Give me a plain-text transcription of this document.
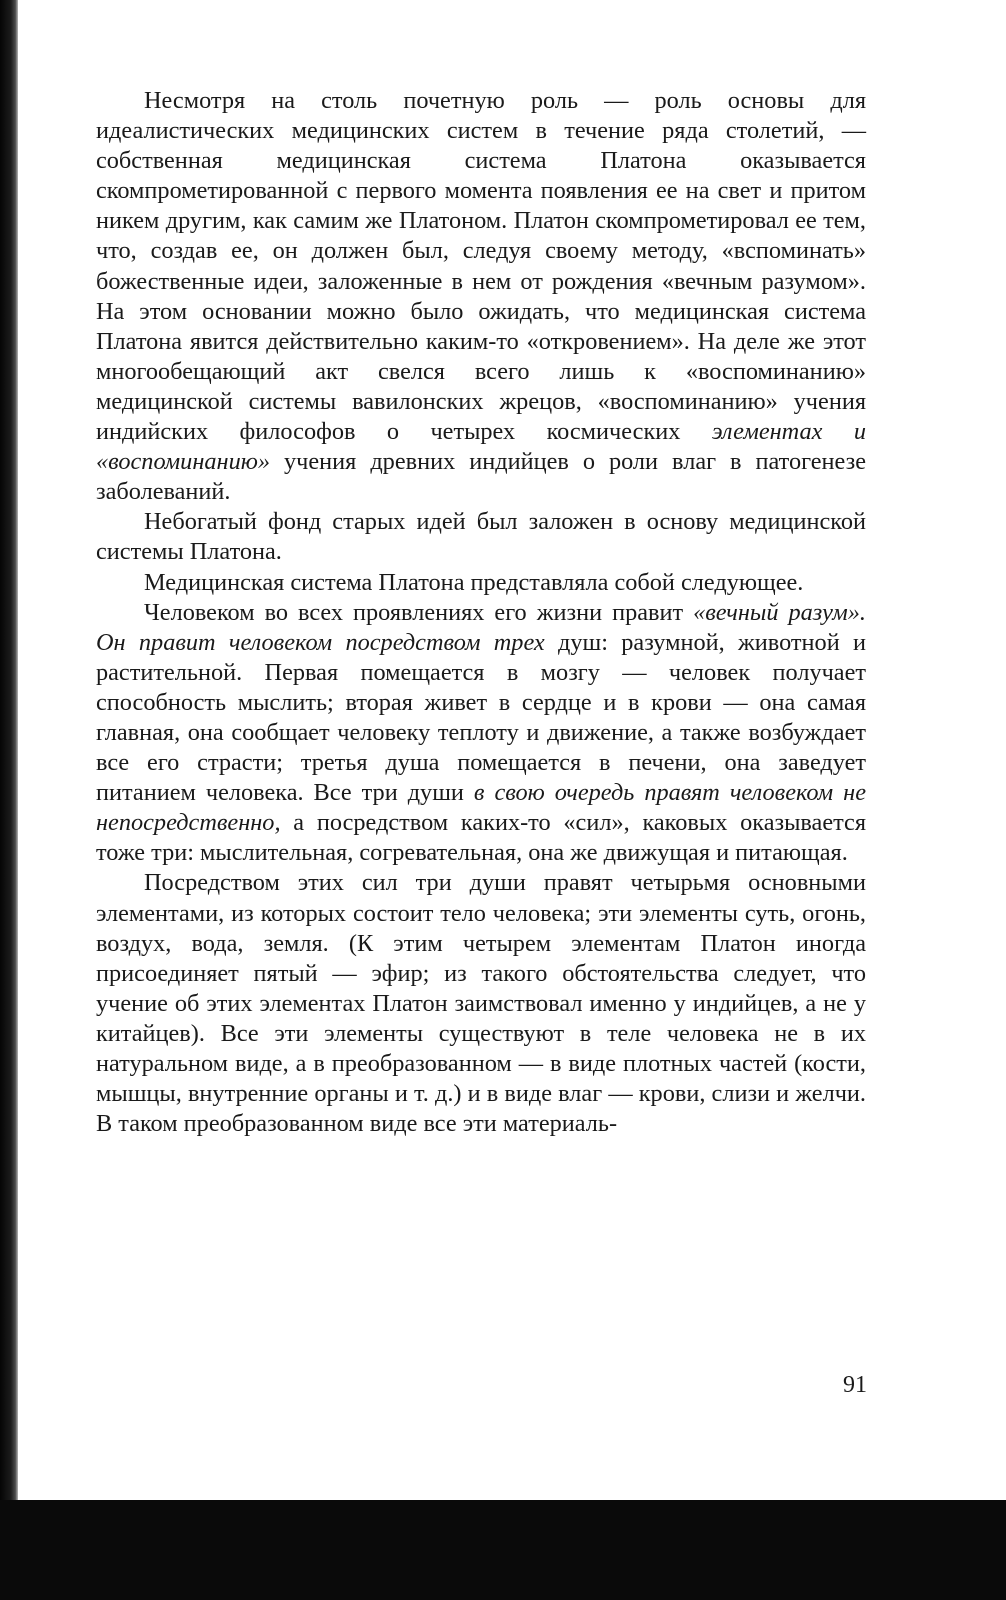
Несмотря на столь почетную роль — роль основы для идеалистических медицинских систем в течение ряда столетий, — собственная медицинская система Платона оказывается скомпрометированной с первого момента появления ее на свет и притом никем другим, как самим же Платоном. Платон скомпрометировал ее тем, что, создав ее, он должен был, следуя своему методу, «вспоминать» божественные идеи, заложенные в нем от рождения «вечным разумом». На этом основании можно было ожидать, что медицинская система Платона явится действительно каким-то «откровением». На деле же этот многообещающий акт свелся всего лишь к «воспоминанию» медицинской системы вавилонских жрецов, «воспоминанию» учения индийских философов о четырех космических элементах и «воспоминанию» учения древних индийцев о роли влаг в патогенезе заболеваний.

Небогатый фонд старых идей был заложен в основу медицинской системы Платона.

Медицинская система Платона представляла собой следующее.

Человеком во всех проявлениях его жизни правит «вечный разум». Он правит человеком посредством трех душ: разумной, животной и растительной. Первая помещается в мозгу — человек получает способность мыслить; вторая живет в сердце и в крови — она самая главная, она сообщает человеку теплоту и движение, а также возбуждает все его страсти; третья душа помещается в печени, она заведует питанием человека. Все три души в свою очередь правят человеком не непосредственно, а посредством каких-то «сил», каковых оказывается тоже три: мыслительная, согревательная, она же движущая и питающая.

Посредством этих сил три души правят четырьмя основными элементами, из которых состоит тело человека; эти элементы суть, огонь, воздух, вода, земля. (К этим четырем элементам Платон иногда присоединяет пятый — эфир; из такого обстоятельства следует, что учение об этих элементах Платон заимствовал именно у индийцев, а не у китайцев). Все эти элементы существуют в теле человека не в их натуральном виде, а в преобразованном — в виде плотных частей (кости, мышцы, внутренние органы и т. д.) и в виде влаг — крови, слизи и желчи. В таком преобразованном виде все эти материаль-

91
